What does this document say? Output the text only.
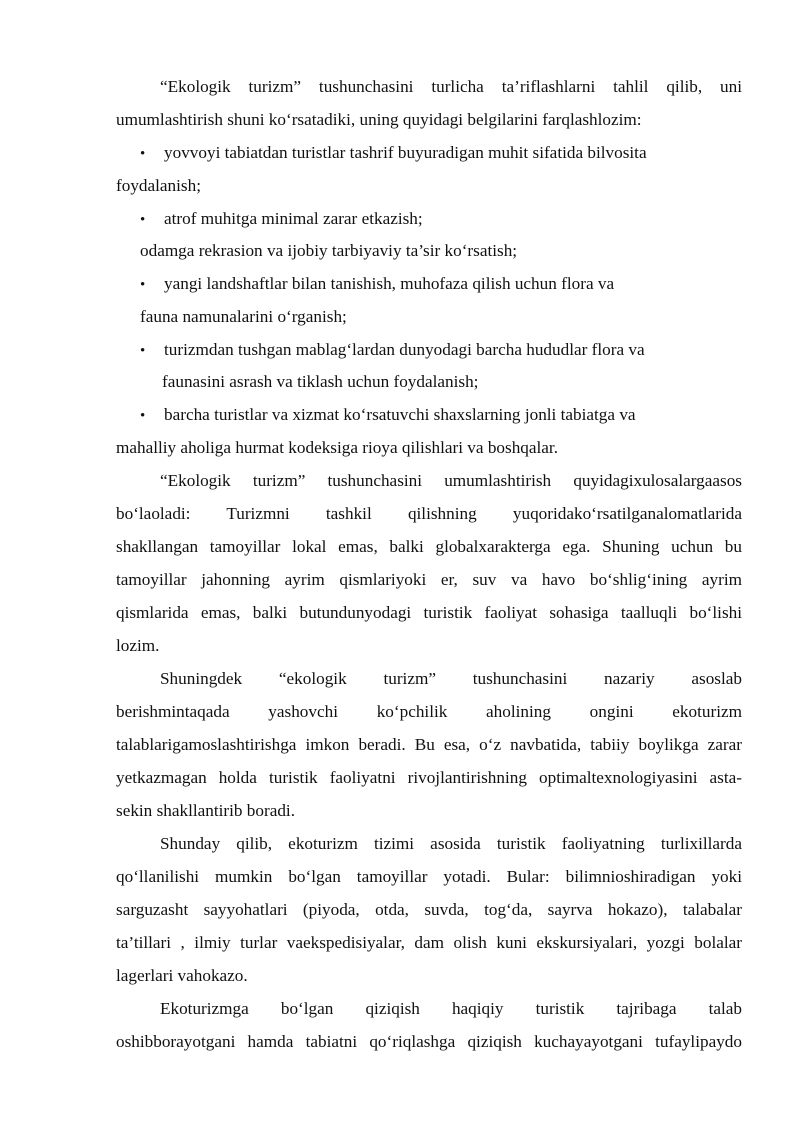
“Ekologik turizm” tushunchasini turlicha ta’riflashlarni tahlil qilib, uni
umumlashtirish shuni ko‘rsatadiki, uning quyidagi belgilarini farqlashlozim:
• yovvoyi tabiatdan turistlar tashrif buyuradigan muhit sifatida bilvosita
foydalanish;
• atrof muhitga minimal zarar etkazish;
odamga rekrasion va ijobiy tarbiyaviy ta’sir ko‘rsatish;
• yangi landshaftlar bilan tanishish, muhofaza qilish uchun flora va
fauna namunalarini o‘rganish;
• turizmdan tushgan mablag‘lardan dunyodagi barcha hududlar flora va
faunasini asrash va tiklash uchun foydalanish;
• barcha turistlar va xizmat ko‘rsatuvchi shaxslarning jonli tabiatga va
mahalliy aholiga hurmat kodeksiga rioya qilishlari va boshqalar.
“Ekologik turizm” tushunchasini umumlashtirish quyidagixulosalargaasos
bo‘laoladi: Turizmni tashkil qilishning yuqoridako‘rsatilganalomatlarida
shakllangan tamoyillar lokal emas, balki globalxarakterga ega. Shuning uchun bu
tamoyillar jahonning ayrim qismlariyoki er, suv va havo bo‘shlig‘ining ayrim
qismlarida emas, balki butundunyodagi turistik faoliyat sohasiga taalluqli bo‘lishi
lozim.
Shuningdek “ekologik turizm” tushunchasini nazariy asoslab
berishmintaqada yashovchi ko‘pchilik aholining ongini ekoturizm
talablarigamoslashtirishga imkon beradi. Bu esa, o‘z navbatida, tabiiy boylikga zarar
yetkazmagan holda turistik faoliyatni rivojlantirishning optimaltexnologiyasini asta-
sekin shakllantirib boradi.
Shunday qilib, ekoturizm tizimi asosida turistik faoliyatning turlixillarda
qo‘llanilishi mumkin bo‘lgan tamoyillar yotadi. Bular: bilimnioshiradigan yoki
sarguzasht sayyohatlari (piyoda, otda, suvda, tog‘da, sayrva hokazo), talabalar
ta’tillari , ilmiy turlar vaekspedisiyalar, dam olish kuni ekskursiyalari, yozgi bolalar
lagerlari vahokazo.
Ekoturizmga bo‘lgan qiziqish haqiqiy turistik tajribaga talab
oshibborayotgani hamda tabiatni qo‘riqlashga qiziqish kuchayayotgani tufaylipaydo
